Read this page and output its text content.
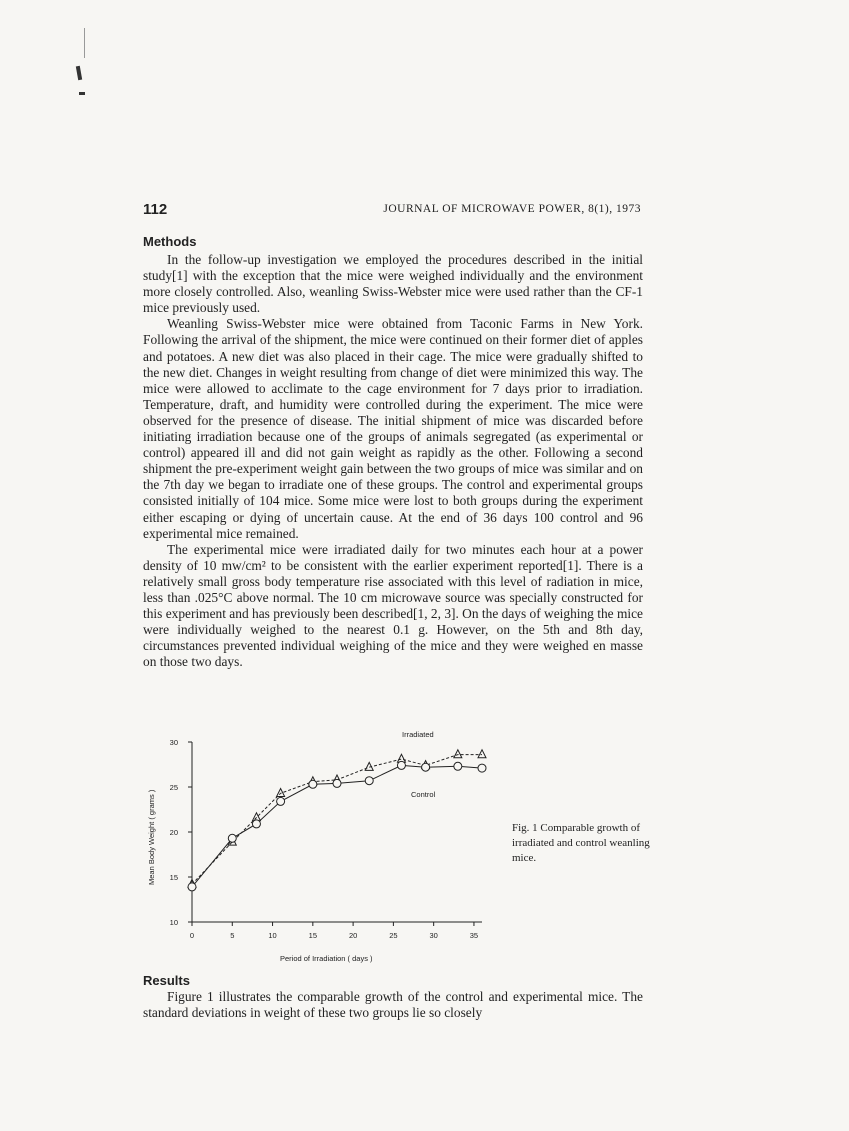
112	JOURNAL OF MICROWAVE POWER, 8(1), 1973
Methods

In the follow-up investigation we employed the procedures described in the initial study[1] with the exception that the mice were weighed individually and the environment more closely controlled. Also, weanling Swiss-Webster mice were used rather than the CF-1 mice previously used.

Weanling Swiss-Webster mice were obtained from Taconic Farms in New York. Following the arrival of the shipment, the mice were continued on their former diet of apples and potatoes. A new diet was also placed in their cage. The mice were gradually shifted to the new diet. Changes in weight resulting from change of diet were minimized this way. The mice were allowed to acclimate to the cage environment for 7 days prior to irradiation. Temperature, draft, and humidity were controlled during the experiment. The mice were observed for the presence of disease. The initial shipment of mice was discarded before initiating irradiation because one of the groups of animals segregated (as experimental or control) appeared ill and did not gain weight as rapidly as the other. Following a second shipment the pre-experiment weight gain between the two groups of mice was similar and on the 7th day we began to irradiate one of these groups. The control and experimental groups consisted initially of 104 mice. Some mice were lost to both groups during the experiment either escaping or dying of uncertain cause. At the end of 36 days 100 control and 96 experimental mice remained.

The experimental mice were irradiated daily for two minutes each hour at a power density of 10 mw/cm² to be consistent with the earlier experiment reported[1]. There is a relatively small gross body temperature rise associated with this level of radiation in mice, less than .025°C above normal. The 10 cm microwave source was specially constructed for this experiment and has previously been described[1, 2, 3]. On the days of weighing the mice were individually weighed to the nearest 0.1 g. However, on the 5th and 8th day, circumstances prevented individual weighing of the mice and they were weighed en masse on those two days.

0	5	10	15	20	25	30	35
10
15
20
25
30
Irradiated
Control
Period of Irradiation ( days )
Mean Body Weight ( grams )	Fig. 1 Comparable growth of irradiated and control weanling mice.
Results

Figure 1 illustrates the comparable growth of the control and experimental mice. The standard deviations in weight of these two groups lie so closely
